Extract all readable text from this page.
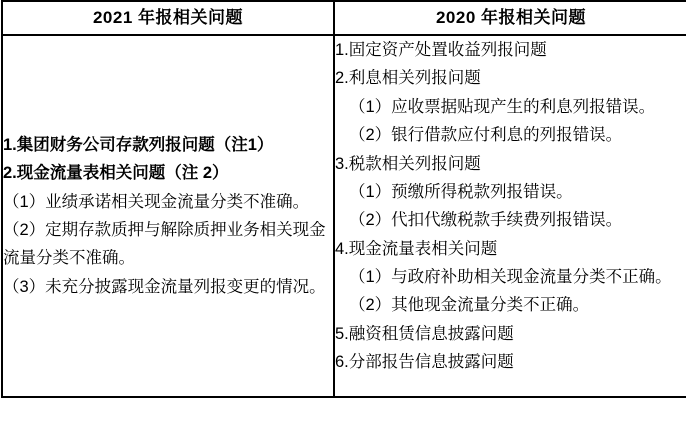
2021 年报相关问题	2020 年报相关问题

1.集团财务公司存款列报问题（注1）
2.现金流量表相关问题（注 2）
（1）业绩承诺相关现金流量分类不准确。
（2）定期存款质押与解除质押业务相关现金流量分类不准确。
（3）未充分披露现金流量列报变更的情况。

1.固定资产处置收益列报问题
2.利息相关列报问题
（1）应收票据贴现产生的利息列报错误。
（2）银行借款应付利息的列报错误。
3.税款相关列报问题
（1）预缴所得税款列报错误。
（2）代扣代缴税款手续费列报错误。
4.现金流量表相关问题
（1）与政府补助相关现金流量分类不正确。
（2）其他现金流量分类不正确。
5.融资租赁信息披露问题
6.分部报告信息披露问题
